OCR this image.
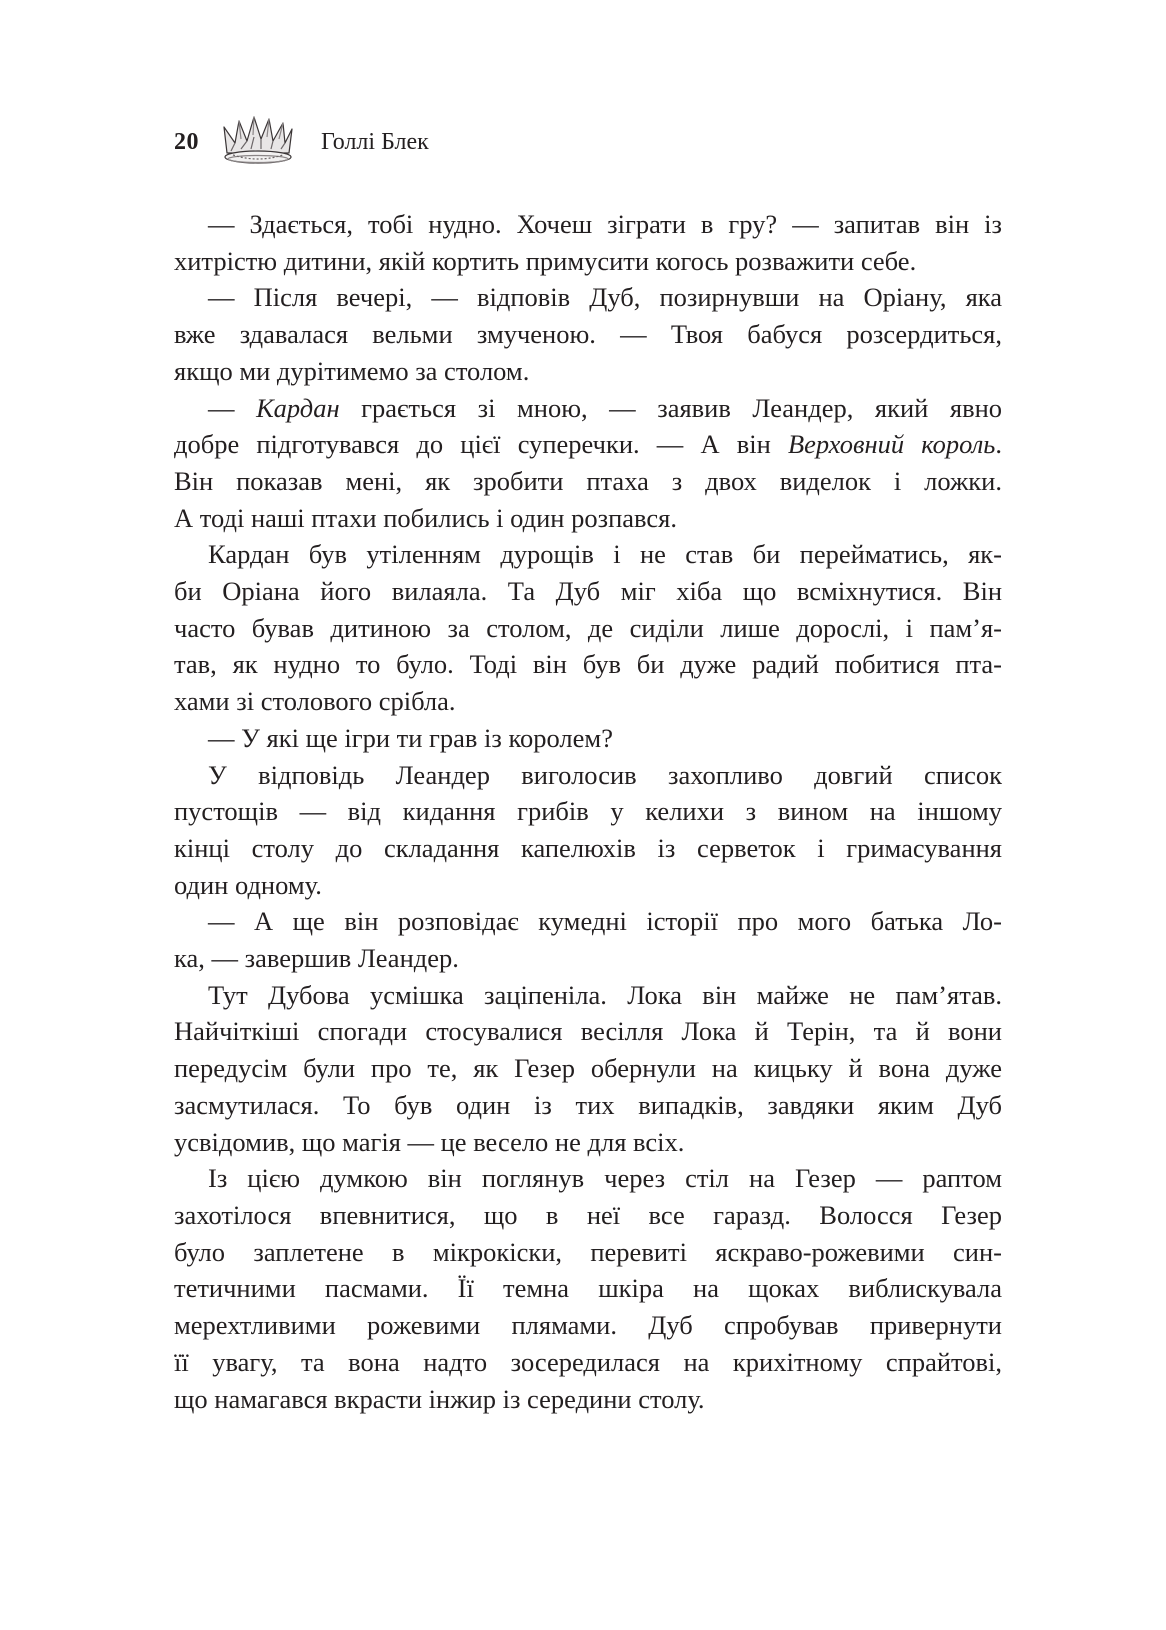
20	Голлі Блек

— Здається, тобі нудно. Хочеш зіграти в гру? — запитав він із
хитрістю дитини, якій кортить примусити когось розважити себе.

— Після вечері, — відповів Дуб, позирнувши на Оріану, яка
вже здавалася вельми змученою. — Твоя бабуся розсердиться,
якщо ми дурітимемо за столом.

— Кардан грається зі мною, — заявив Леандер, який явно
добре підготувався до цієї суперечки. — А він Верховний король.
Він показав мені, як зробити птаха з двох виделок і ложки.
А тоді наші птахи побились і один розпався.

Кардан був утіленням дурощів і не став би перейматись, як-
би Оріана його вилаяла. Та Дуб міг хіба що всміхнутися. Він
часто бував дитиною за столом, де сиділи лише дорослі, і пам’я-
тав, як нудно то було. Тоді він був би дуже радий побитися пта-
хами зі столового срібла.

— У які ще ігри ти грав із королем?

У відповідь Леандер виголосив захопливо довгий список
пустощів — від кидання грибів у келихи з вином на іншому
кінці столу до складання капелюхів із серветок і гримасування
один одному.

— А ще він розповідає кумедні історії про мого батька Ло-
ка, — завершив Леандер.

Тут Дубова усмішка заціпеніла. Лока він майже не пам’ятав.
Найчіткіші спогади стосувалися весілля Лока й Терін, та й вони
передусім були про те, як Гезер обернули на кицьку й вона дуже
засмутилася. То був один із тих випадків, завдяки яким Дуб
усвідомив, що магія — це весело не для всіх.

Із цією думкою він поглянув через стіл на Гезер — раптом
захотілося впевнитися, що в неї все гаразд. Волосся Гезер
було заплетене в мікрокіски, перевиті яскраво-рожевими син-
тетичними пасмами. Її темна шкіра на щоках виблискувала
мерехтливими рожевими плямами. Дуб спробував привернути
її увагу, та вона надто зосередилася на крихітному спрайтові,
що намагався вкрасти інжир із середини столу.
